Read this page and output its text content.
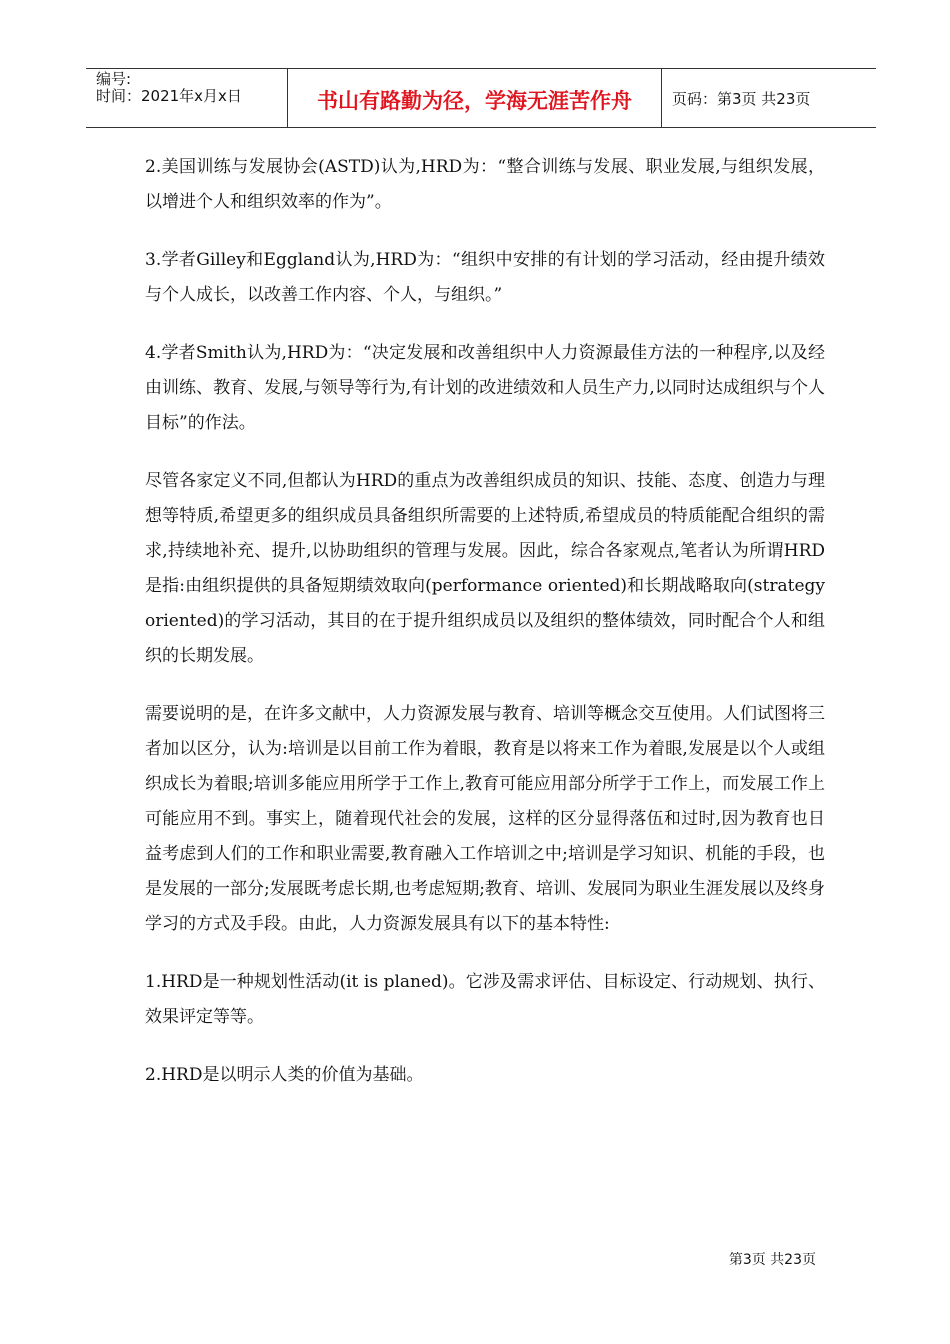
编号:
时间：2021年x月x日	书山有路勤为径，学海无涯苦作舟	页码：第3页 共23页

2.美国训练与发展协会(ASTD)认为,HRD为：“整合训练与发展、职业发展,与组织发展，以增进个人和组织效率的作为”。

3.学者Gilley和Eggland认为,HRD为：“组织中安排的有计划的学习活动，经由提升绩效与个人成长，以改善工作内容、个人，与组织。”

4.学者Smith认为,HRD为：“决定发展和改善组织中人力资源最佳方法的一种程序,以及经由训练、教育、发展,与领导等行为,有计划的改进绩效和人员生产力,以同时达成组织与个人目标”的作法。

尽管各家定义不同,但都认为HRD的重点为改善组织成员的知识、技能、态度、创造力与理想等特质,希望更多的组织成员具备组织所需要的上述特质,希望成员的特质能配合组织的需求,持续地补充、提升,以协助组织的管理与发展。因此，综合各家观点,笔者认为所谓HRD是指:由组织提供的具备短期绩效取向(performance oriented)和长期战略取向(strategy oriented)的学习活动，其目的在于提升组织成员以及组织的整体绩效，同时配合个人和组织的长期发展。

需要说明的是，在许多文献中，人力资源发展与教育、培训等概念交互使用。人们试图将三者加以区分，认为:培训是以目前工作为着眼，教育是以将来工作为着眼,发展是以个人或组织成长为着眼;培训多能应用所学于工作上,教育可能应用部分所学于工作上，而发展工作上可能应用不到。事实上，随着现代社会的发展，这样的区分显得落伍和过时,因为教育也日益考虑到人们的工作和职业需要,教育融入工作培训之中;培训是学习知识、机能的手段，也是发展的一部分;发展既考虑长期,也考虑短期;教育、培训、发展同为职业生涯发展以及终身学习的方式及手段。由此，人力资源发展具有以下的基本特性:

1.HRD是一种规划性活动(it is planed)。它涉及需求评估、目标设定、行动规划、执行、效果评定等等。

2.HRD是以明示人类的价值为基础。

第3页 共23页
